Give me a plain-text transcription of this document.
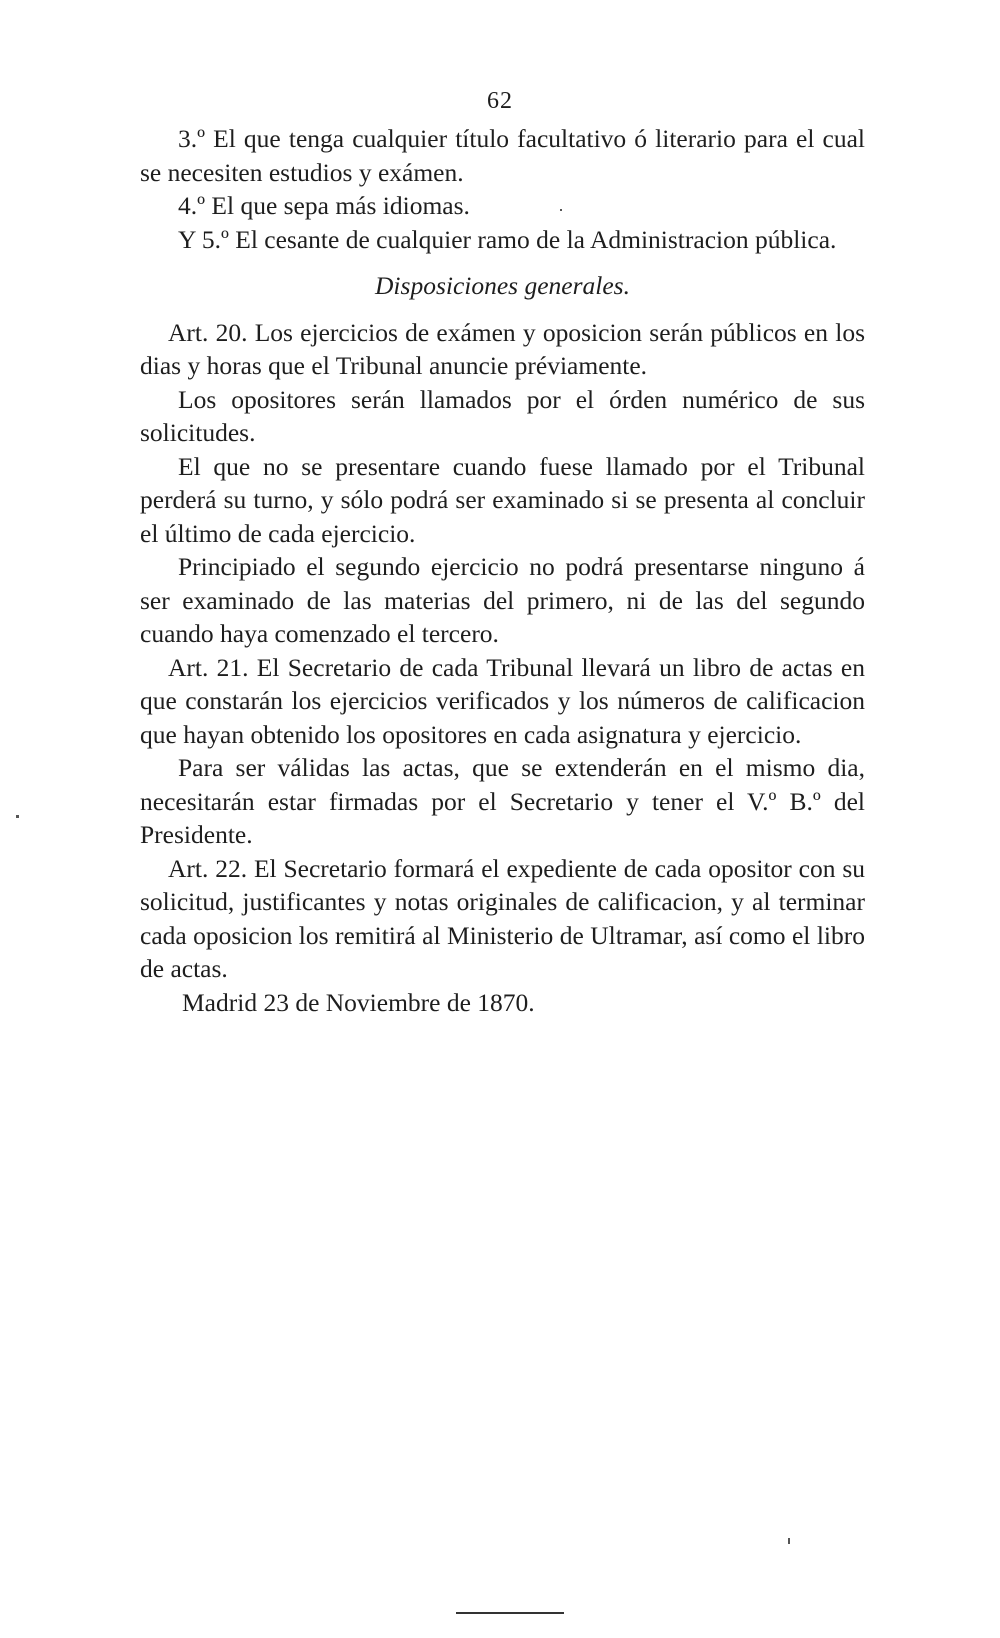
62

3.º El que tenga cualquier título facultativo ó literario para el cual se necesiten estudios y exámen.

4.º El que sepa más idiomas.

Y 5.º El cesante de cualquier ramo de la Administracion pública.

Disposiciones generales.

Art. 20. Los ejercicios de exámen y oposicion serán públicos en los dias y horas que el Tribunal anuncie préviamente.

Los opositores serán llamados por el órden numérico de sus solicitudes.

El que no se presentare cuando fuese llamado por el Tribunal perderá su turno, y sólo podrá ser examinado si se presenta al concluir el último de cada ejercicio.

Principiado el segundo ejercicio no podrá presentarse ninguno á ser examinado de las materias del primero, ni de las del segundo cuando haya comenzado el tercero.

Art. 21. El Secretario de cada Tribunal llevará un libro de actas en que constarán los ejercicios verificados y los números de calificacion que hayan obtenido los opositores en cada asignatura y ejercicio.

Para ser válidas las actas, que se extenderán en el mismo dia, necesitarán estar firmadas por el Secretario y tener el V.º B.º del Presidente.

Art. 22. El Secretario formará el expediente de cada opositor con su solicitud, justificantes y notas originales de calificacion, y al terminar cada oposicion los remitirá al Ministerio de Ultramar, así como el libro de actas.

Madrid 23 de Noviembre de 1870.
